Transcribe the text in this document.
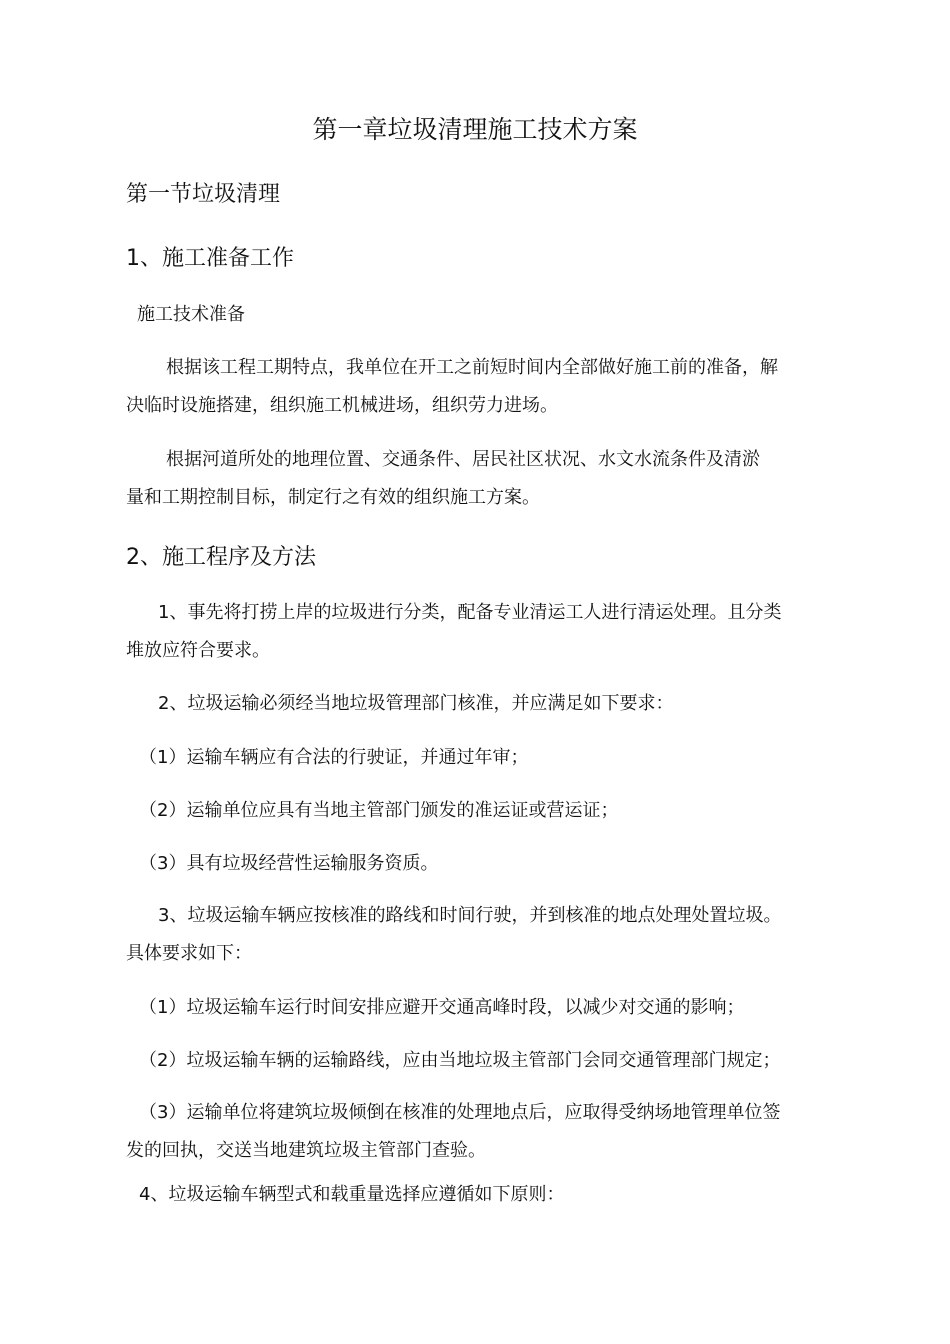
第一章垃圾清理施工技术方案
第一节垃圾清理
1、施工准备工作
施工技术准备
根据该工程工期特点，我单位在开工之前短时间内全部做好施工前的准备，解
决临时设施搭建，组织施工机械进场，组织劳力进场。
根据河道所处的地理位置、交通条件、居民社区状况、水文水流条件及清淤
量和工期控制目标，制定行之有效的组织施工方案。
2、施工程序及方法
1、事先将打捞上岸的垃圾进行分类，配备专业清运工人进行清运处理。且分类
堆放应符合要求。
2、垃圾运输必须经当地垃圾管理部门核准，并应满足如下要求：
（1）运输车辆应有合法的行驶证，并通过年审；
（2）运输单位应具有当地主管部门颁发的准运证或营运证；
（3）具有垃圾经营性运输服务资质。
3、垃圾运输车辆应按核准的路线和时间行驶，并到核准的地点处理处置垃圾。
具体要求如下：
（1）垃圾运输车运行时间安排应避开交通高峰时段，以减少对交通的影响；
（2）垃圾运输车辆的运输路线，应由当地垃圾主管部门会同交通管理部门规定；
（3）运输单位将建筑垃圾倾倒在核准的处理地点后，应取得受纳场地管理单位签
发的回执，交送当地建筑垃圾主管部门查验。
4、垃圾运输车辆型式和载重量选择应遵循如下原则：
